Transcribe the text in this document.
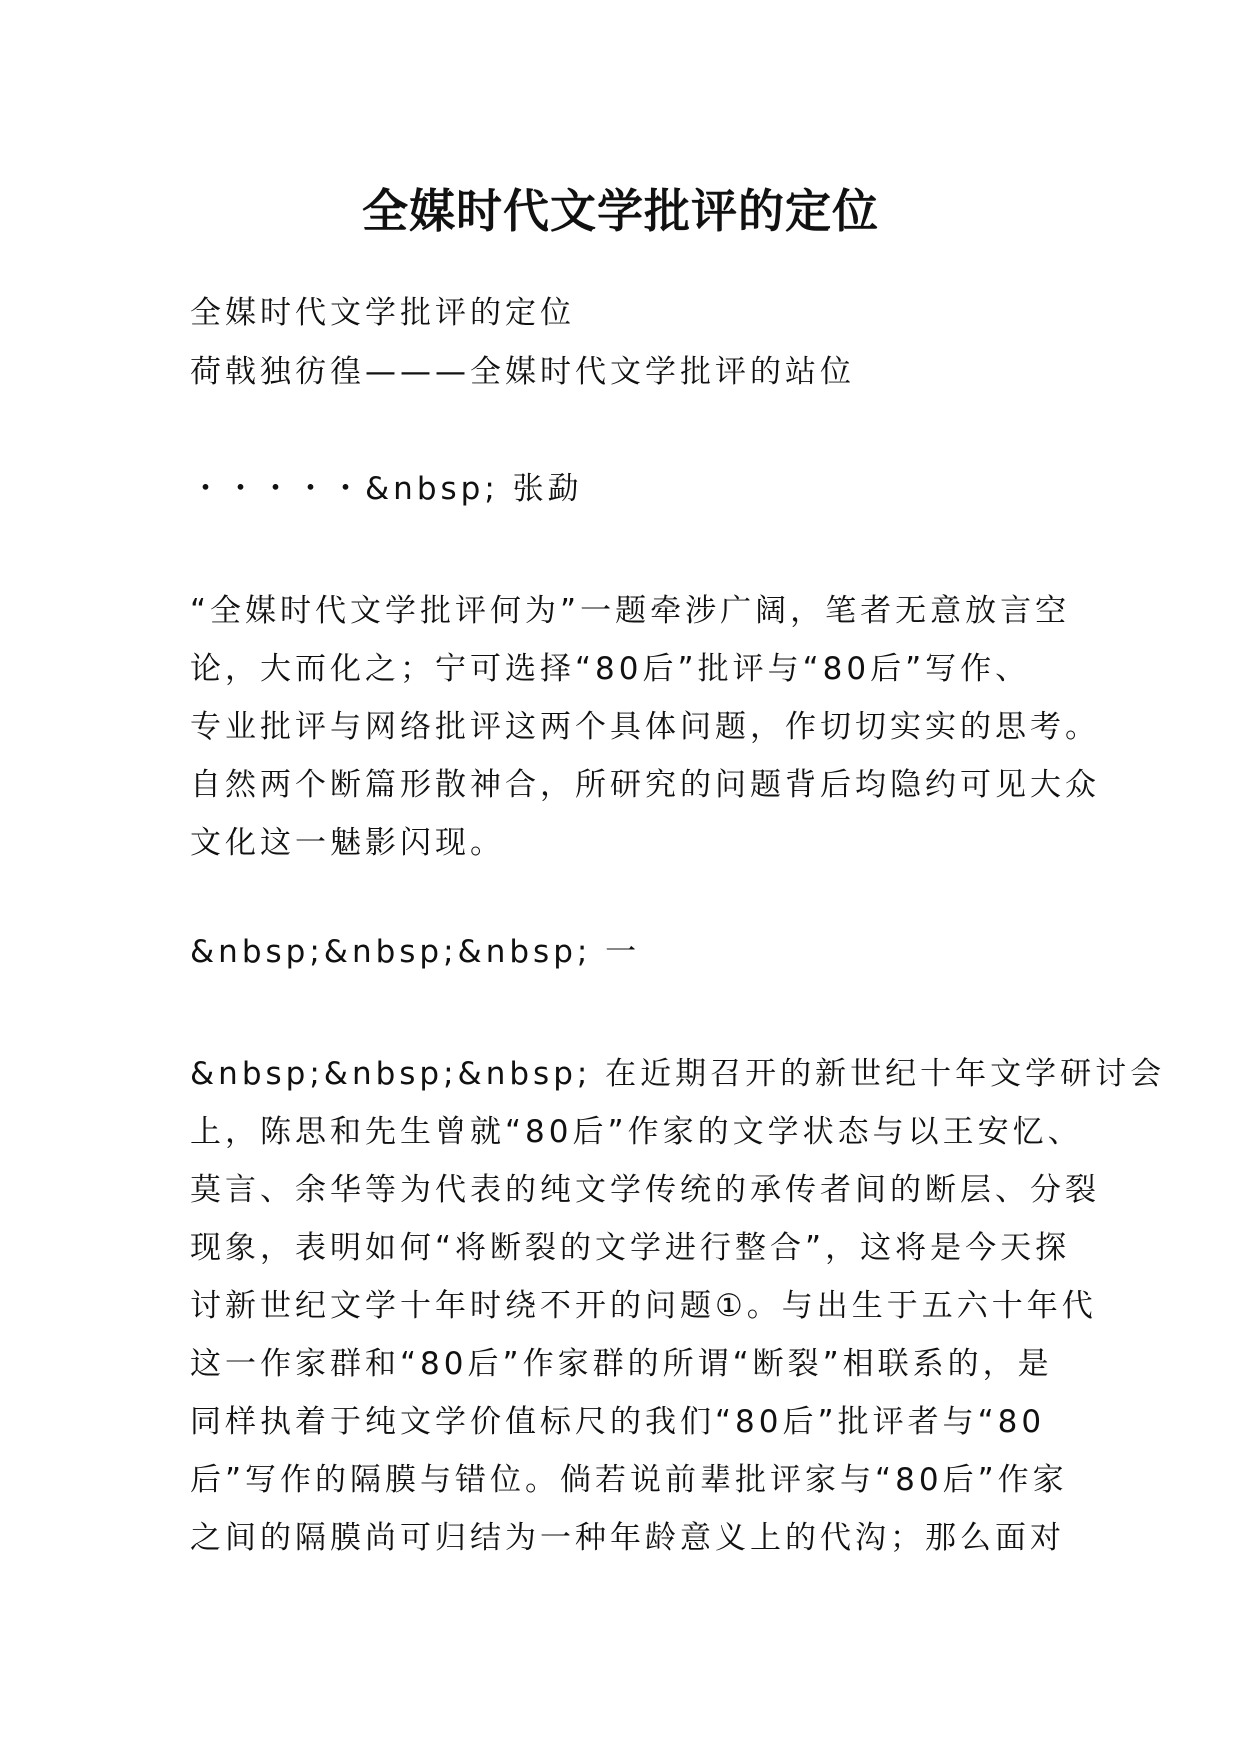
全媒时代文学批评的定位
全媒时代文学批评的定位
荷戟独彷徨———全媒时代文学批评的站位
・・・・・&nbsp; 张勐
“全媒时代文学批评何为”一题牵涉广阔，笔者无意放言空
论，大而化之；宁可选择“80后”批评与“80后”写作、
专业批评与网络批评这两个具体问题，作切切实实的思考。
自然两个断篇形散神合，所研究的问题背后均隐约可见大众
文化这一魅影闪现。
&nbsp;&nbsp;&nbsp; 一
&nbsp;&nbsp;&nbsp; 在近期召开的新世纪十年文学研讨会
上，陈思和先生曾就“80后”作家的文学状态与以王安忆、
莫言、余华等为代表的纯文学传统的承传者间的断层、分裂
现象，表明如何“将断裂的文学进行整合”，这将是今天探
讨新世纪文学十年时绕不开的问题①。与出生于五六十年代
这一作家群和“80后”作家群的所谓“断裂”相联系的，是
同样执着于纯文学价值标尺的我们“80后”批评者与“80
后”写作的隔膜与错位。倘若说前辈批评家与“80后”作家
之间的隔膜尚可归结为一种年龄意义上的代沟；那么面对
